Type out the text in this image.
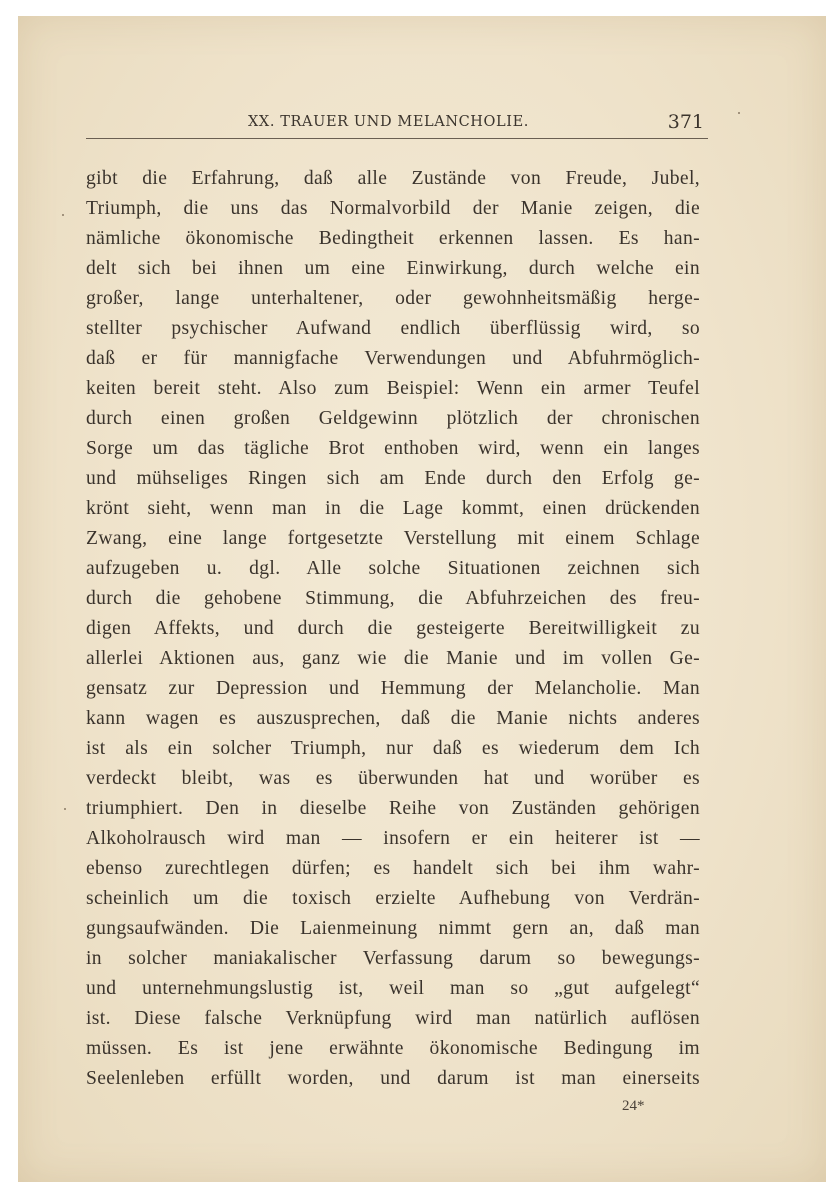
XX. TRAUER UND MELANCHOLIE.	371
gibt die Erfahrung, daß alle Zustände von Freude, Jubel,
Triumph, die uns das Normalvorbild der Manie zeigen, die
nämliche ökonomische Bedingtheit erkennen lassen. Es han-
delt sich bei ihnen um eine Einwirkung, durch welche ein
großer, lange unterhaltener, oder gewohnheitsmäßig herge-
stellter psychischer Aufwand endlich überflüssig wird, so
daß er für mannigfache Verwendungen und Abfuhrmöglich-
keiten bereit steht. Also zum Beispiel: Wenn ein armer Teufel
durch einen großen Geldgewinn plötzlich der chronischen
Sorge um das tägliche Brot enthoben wird, wenn ein langes
und mühseliges Ringen sich am Ende durch den Erfolg ge-
krönt sieht, wenn man in die Lage kommt, einen drückenden
Zwang, eine lange fortgesetzte Verstellung mit einem Schlage
aufzugeben u. dgl. Alle solche Situationen zeichnen sich
durch die gehobene Stimmung, die Abfuhrzeichen des freu-
digen Affekts, und durch die gesteigerte Bereitwilligkeit zu
allerlei Aktionen aus, ganz wie die Manie und im vollen Ge-
gensatz zur Depression und Hemmung der Melancholie. Man
kann wagen es auszusprechen, daß die Manie nichts anderes
ist als ein solcher Triumph, nur daß es wiederum dem Ich
verdeckt bleibt, was es überwunden hat und worüber es
triumphiert. Den in dieselbe Reihe von Zuständen gehörigen
Alkoholrausch wird man — insofern er ein heiterer ist —
ebenso zurechtlegen dürfen; es handelt sich bei ihm wahr-
scheinlich um die toxisch erzielte Aufhebung von Verdrän-
gungsaufwänden. Die Laienmeinung nimmt gern an, daß man
in solcher maniakalischer Verfassung darum so bewegungs-
und unternehmungslustig ist, weil man so „gut aufgelegt“
ist. Diese falsche Verknüpfung wird man natürlich auflösen
müssen. Es ist jene erwähnte ökonomische Bedingung im
Seelenleben erfüllt worden, und darum ist man einerseits
24*
